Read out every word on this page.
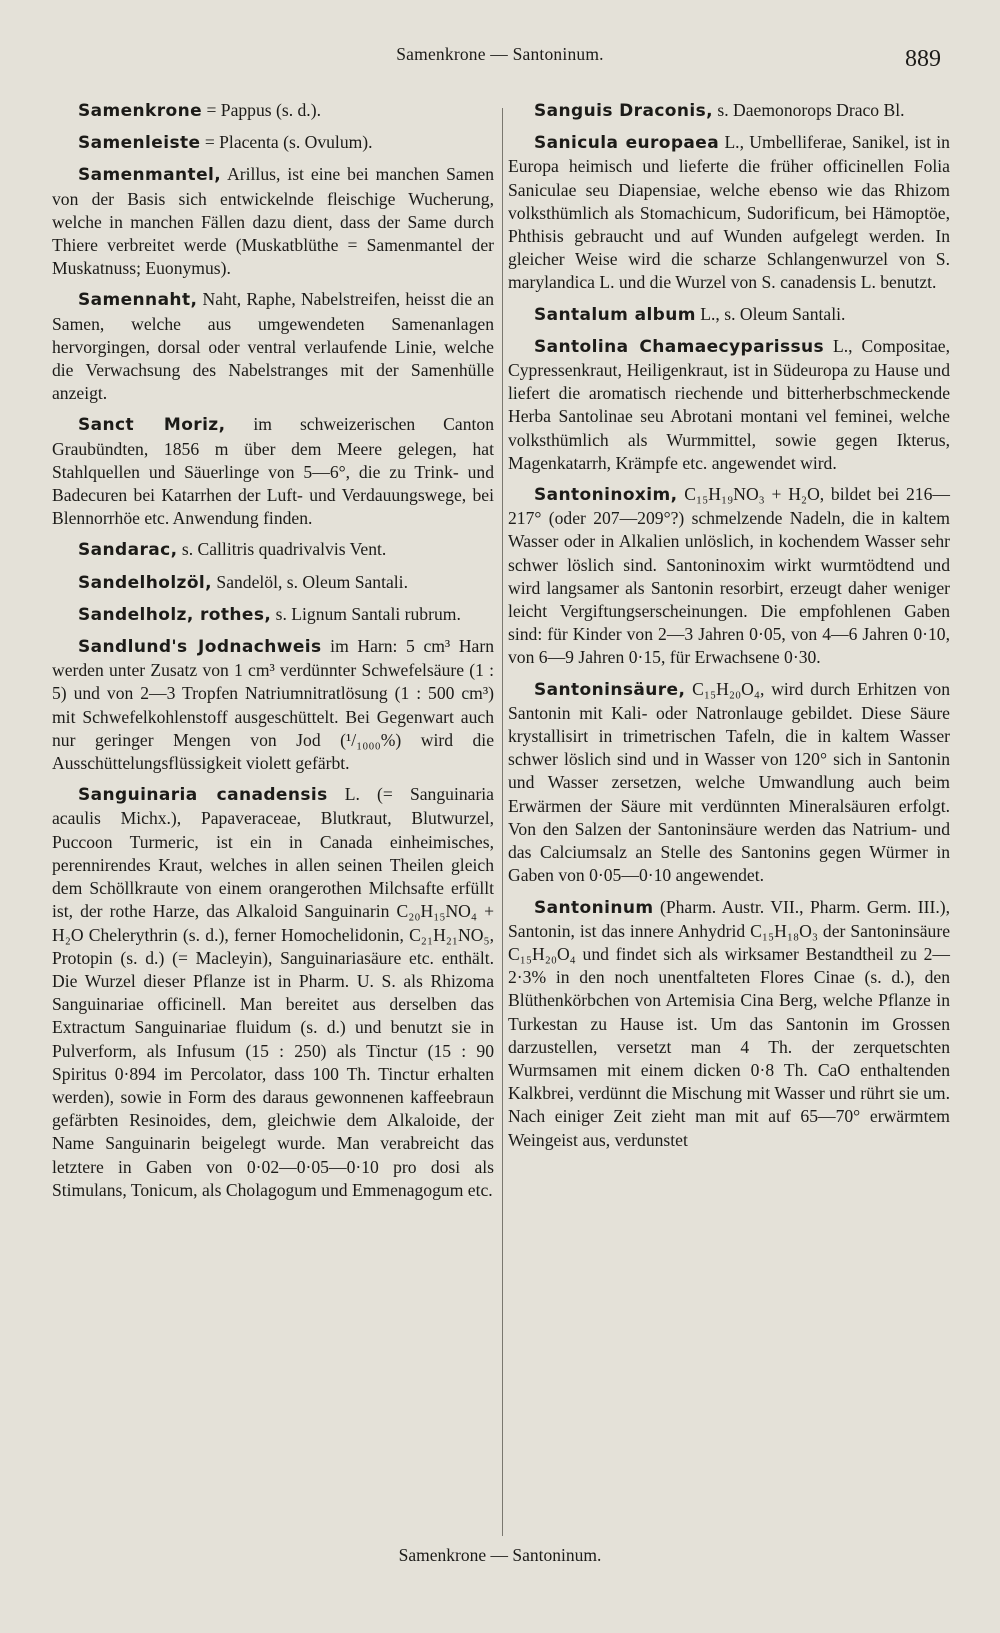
Samenkrone — Santoninum.	889

Samenkrone = Pappus (s. d.).

Samenleiste = Placenta (s. Ovulum).

Samenmantel, Arillus, ist eine bei manchen Samen von der Basis sich entwickelnde fleischige Wucherung, welche in manchen Fällen dazu dient, dass der Same durch Thiere verbreitet werde (Muskatblüthe = Samenmantel der Muskatnuss; Euonymus).

Samennaht, Naht, Raphe, Nabelstreifen, heisst die an Samen, welche aus umgewendeten Samenanlagen hervorgingen, dorsal oder ventral verlaufende Linie, welche die Verwachsung des Nabelstranges mit der Samenhülle anzeigt.

Sanct Moriz, im schweizerischen Canton Graubündten, 1856 m über dem Meere gelegen, hat Stahlquellen und Säuerlinge von 5—6°, die zu Trink- und Badecuren bei Katarrhen der Luft- und Verdauungswege, bei Blennorrhöe etc. Anwendung finden.

Sandarac, s. Callitris quadrivalvis Vent.

Sandelholzöl, Sandelöl, s. Oleum Santali.

Sandelholz, rothes, s. Lignum Santali rubrum.

Sandlund's Jodnachweis im Harn: 5 cm³ Harn werden unter Zusatz von 1 cm³ verdünnter Schwefelsäure (1 : 5) und von 2—3 Tropfen Natriumnitratlösung (1 : 500 cm³) mit Schwefelkohlenstoff ausgeschüttelt. Bei Gegenwart auch nur geringer Mengen von Jod (¹/₁₀₀₀%) wird die Ausschüttelungsflüssigkeit violett gefärbt.

Sanguinaria canadensis L. (= Sanguinaria acaulis Michx.), Papaveraceae, Blutkraut, Blutwurzel, Puccoon Turmeric, ist ein in Canada einheimisches, perennirendes Kraut, welches in allen seinen Theilen gleich dem Schöllkraute von einem orangerothen Milchsafte erfüllt ist, der rothe Harze, das Alkaloid Sanguinarin C₂₀H₁₅NO₄ + H₂O Chelerythrin (s. d.), ferner Homochelidonin, C₂₁H₂₁NO₅, Protopin (s. d.) (= Macleyin), Sanguinariasäure etc. enthält. Die Wurzel dieser Pflanze ist in Pharm. U. S. als Rhizoma Sanguinariae officinell. Man bereitet aus derselben das Extractum Sanguinariae fluidum (s. d.) und benutzt sie in Pulverform, als Infusum (15 : 250) als Tinctur (15 : 90 Spiritus 0·894 im Percolator, dass 100 Th. Tinctur erhalten werden), sowie in Form des daraus gewonnenen kaffeebraun gefärbten Resinoides, dem, gleichwie dem Alkaloide, der Name Sanguinarin beigelegt wurde. Man verabreicht das letztere in Gaben von 0·02—0·05—0·10 pro dosi als Stimulans, Tonicum, als Cholagogum und Emmenagogum etc.

Sanguis Draconis, s. Daemonorops Draco Bl.

Sanicula europaea L., Umbelliferae, Sanikel, ist in Europa heimisch und lieferte die früher officinellen Folia Saniculae seu Diapensiae, welche ebenso wie das Rhizom volksthümlich als Stomachicum, Sudorificum, bei Hämoptöe, Phthisis gebraucht und auf Wunden aufgelegt werden. In gleicher Weise wird die scharze Schlangenwurzel von S. marylandica L. und die Wurzel von S. canadensis L. benutzt.

Santalum album L., s. Oleum Santali.

Santolina Chamaecyparissus L., Compositae, Cypressenkraut, Heiligenkraut, ist in Südeuropa zu Hause und liefert die aromatisch riechende und bitterherbschmeckende Herba Santolinae seu Abrotani montani vel feminei, welche volksthümlich als Wurmmittel, sowie gegen Ikterus, Magenkatarrh, Krämpfe etc. angewendet wird.

Santoninoxim, C₁₅H₁₉NO₃ + H₂O, bildet bei 216—217° (oder 207—209°?) schmelzende Nadeln, die in kaltem Wasser oder in Alkalien unlöslich, in kochendem Wasser sehr schwer löslich sind. Santoninoxim wirkt wurmtödtend und wird langsamer als Santonin resorbirt, erzeugt daher weniger leicht Vergiftungserscheinungen. Die empfohlenen Gaben sind: für Kinder von 2—3 Jahren 0·05, von 4—6 Jahren 0·10, von 6—9 Jahren 0·15, für Erwachsene 0·30.

Santoninsäure, C₁₅H₂₀O₄, wird durch Erhitzen von Santonin mit Kali- oder Natronlauge gebildet. Diese Säure krystallisirt in trimetrischen Tafeln, die in kaltem Wasser schwer löslich sind und in Wasser von 120° sich in Santonin und Wasser zersetzen, welche Umwandlung auch beim Erwärmen der Säure mit verdünnten Mineralsäuren erfolgt. Von den Salzen der Santoninsäure werden das Natrium- und das Calciumsalz an Stelle des Santonins gegen Würmer in Gaben von 0·05—0·10 angewendet.

Santoninum (Pharm. Austr. VII., Pharm. Germ. III.), Santonin, ist das innere Anhydrid C₁₅H₁₈O₃ der Santoninsäure C₁₅H₂₀O₄ und findet sich als wirksamer Bestandtheil zu 2—2·3% in den noch unentfalteten Flores Cinae (s. d.), den Blüthenkörbchen von Artemisia Cina Berg, welche Pflanze in Turkestan zu Hause ist. Um das Santonin im Grossen darzustellen, versetzt man 4 Th. der zerquetschten Wurmsamen mit einem dicken 0·8 Th. CaO enthaltenden Kalkbrei, verdünnt die Mischung mit Wasser und rührt sie um. Nach einiger Zeit zieht man mit auf 65—70° erwärmtem Weingeist aus, verdunstet

Samenkrone — Santoninum.
